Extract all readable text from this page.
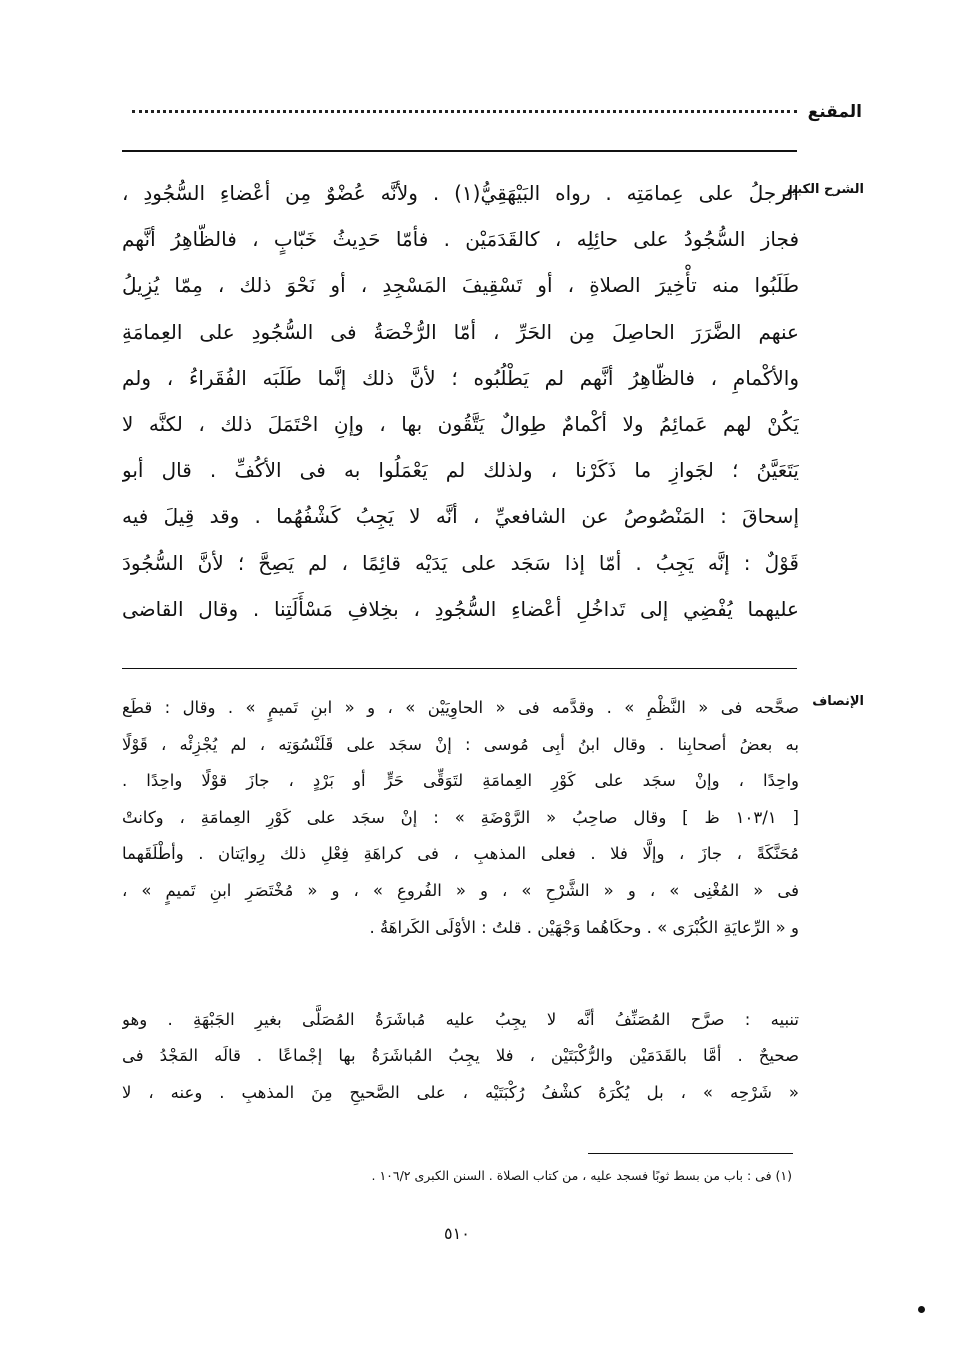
المقنع
الشرح الكبير
الرجلُ على عِمامَتِه . رواه البَيْهَقِيُّ(١) . ولأنَّه عُضْوٌ مِن أعْضاءِ السُّجُودِ ،
فجاز السُّجُودُ على حائِلِه ، كالقَدَمَيْن . فأمّا حَدِيثُ خَبّابٍ ، فالظّاهِرُ أنَّهم
طَلَبُوا منه تأْخِيرَ الصلاةِ ، أو تَسْقِيفَ المَسْجِدِ ، أو نَحْوَ ذلك ، مِمّا يُزِيلُ
عنهم الضَّرَرَ الحاصِلَ مِن الحَرِّ ، أمّا الرُّخْصَةُ فى السُّجُودِ على العِمامَةِ
والأكْمامِ ، فالظّاهِرُ أنَّهم لم يَطْلُبُوه ؛ لأنَّ ذلك إنَّما طَلَبَه الفُقَراءُ ، ولم
يَكُنْ لهم عَمائِمُ ولا أكْمامٌ طِوالٌ يَتَّقُون بها ، وإنِ احْتَمَلَ ذلك ، لكنَّه لا
يَتَعَيَّنُ ؛ لجَوازِ ما ذَكَرْنا ، ولذلك لم يَعْمَلُوا به فى الأكُفِّ . قال أبو
إسحاقَ : المَنْصُوصُ عن الشافعيِّ ، أنَّه لا يَجِبُ كَشْفُهُما . وقد قِيلَ فيه
قَوْلٌ : إنَّه يَجِبُ . أمّا إذا سَجَد على يَدَيْه قائِمًا ، لم يَصِحَّ ؛ لأنَّ السُّجُودَ
عليهما يُفْضِي إلى تَداخُلِ أعْضاءِ السُّجُودِ ، بخِلافِ مَسْأَلَتِنا . وقال القاضى
الإنصاف
صحَّحه فى « النَّظْمِ » . وقدَّمه فى « الحاوِيَيْن » ، و « ابنِ تَميمٍ » . وقال : قطَع
به بعضُ أصحابِنا . وقال ابنُ أبِى مُوسى : إنْ سجَد على قَلَنْسُوَتِه ، لم يُجْزِئْه ، قَوْلًا
واحِدًا ، وإنْ سجَد على كَوْرِ العِمامَةِ لتَوَقِّى حَرٍّ أو بَرْدٍ ، جازَ قوْلًا واحِدًا .
[ ١٠٣/١ ظ ] وقال صاحِبُ « الرَّوْضَةِ » : إنْ سجَد على كَوْرِ العِمامَةِ ، وكانتْ
مُحَنَّكَةً ، جازَ ، وإلَّا فلا . فعلى المذهبِ ، فى كراهَةِ فِعْلِ ذلك رِوايَتان . وأطْلَقَهما
فى « المُغْنِى » ، و « الشَّرْحِ » ، و « الفُروعِ » ، و « مُخْتَصَرِ ابنِ تَميمٍ » ،
و « الرِّعايَةِ الكُبْرَى » . وحكَاهُما وَجْهَيْن . قلتُ : الأوْلَى الكَراهَةُ .
تنبيه : صرَّح المُصَنِّفُ أنَّه لا يجِبُ عليه مُباشَرَةُ المُصَلَّى بغيرِ الجَبْهَةِ . وهو
صحيحٌ . أمَّا بالقَدَمَيْن والرُّكْبَتَيْن ، فلا يجِبُ المُباشَرَةُ بها إجْماعًا . قالَه المَجْدُ فى
« شَرْحِه » ، بل يُكْرَهُ كشْفُ رُكْبَتَيْه ، على الصَّحيحِ مِنَ المذهبِ . وعنه ، لا
(١) فى : باب من بسط ثوبًا فسجد عليه ، من كتاب الصلاة . السنن الكبرى ١٠٦/٢ .
٥١٠
